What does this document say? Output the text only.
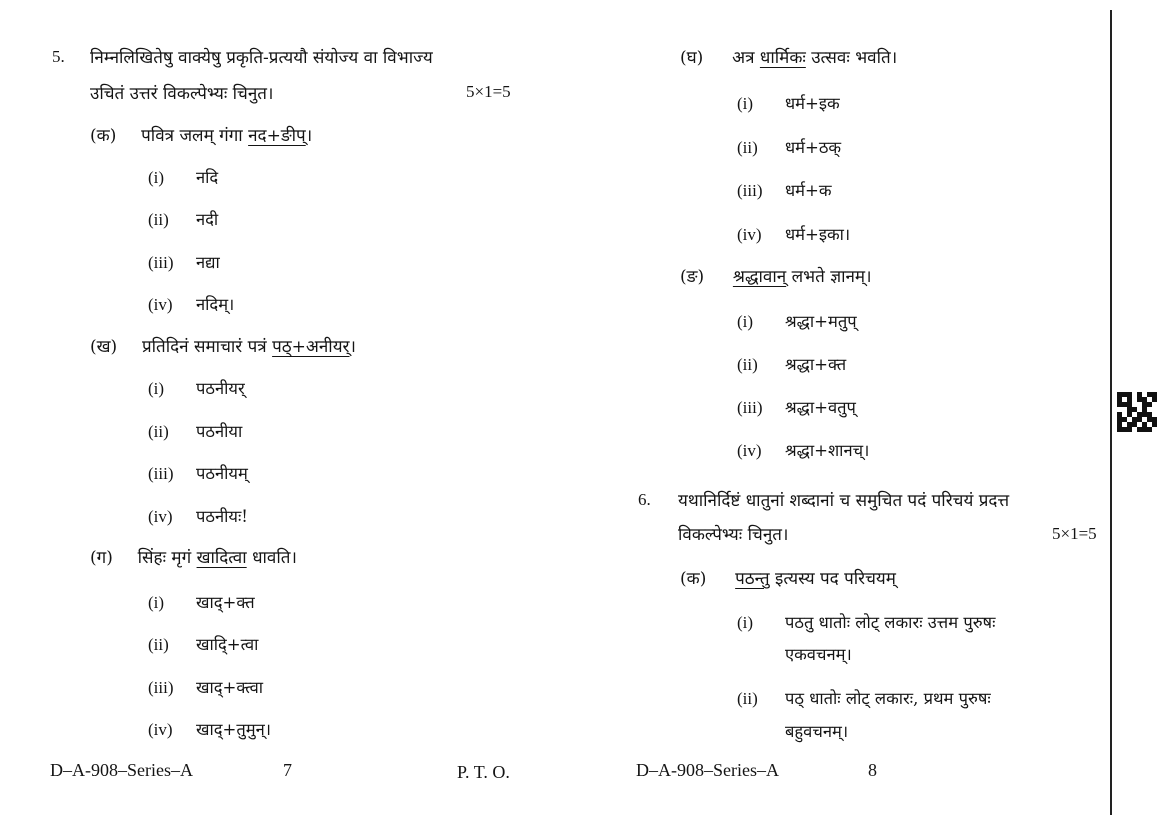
5. निम्नलिखितेषु वाक्येषु प्रकृति-प्रत्ययौ संयोज्य वा विभाज्य
उचितं उत्तरं विकल्पेभ्यः चिनुत।	5×1=5
(क) पवित्र जलम् गंगा नद+ङीप्।
(i) नदि
(ii) नदी
(iii) नद्या
(iv) नदिम्।
(ख) प्रतिदिनं समाचारं पत्रं पठ्+अनीयर्।
(i) पठनीयर्
(ii) पठनीया
(iii) पठनीयम्
(iv) पठनीयः!
(ग) सिंहः मृगं खादित्वा धावति।
(i) खाद्+क्त
(ii) खादि्+त्वा
(iii) खाद्+क्त्वा
(iv) खाद्+तुमुन्।
D–A-908–Series–A	7	P. T. O.
(घ) अत्र धार्मिकः उत्सवः भवति।
(i) धर्म+इक
(ii) धर्म+ठक्
(iii) धर्म+क
(iv) धर्म+इका।
(ङ) श्रद्धावान् लभते ज्ञानम्।
(i) श्रद्धा+मतुप्
(ii) श्रद्धा+क्त
(iii) श्रद्धा+वतुप्
(iv) श्रद्धा+शानच्।
6. यथानिर्दिष्टं धातुनां शब्दानां च समुचित पदं परिचयं प्रदत्त
विकल्पेभ्यः चिनुत।	5×1=5
(क) पठन्तु इत्यस्य पद परिचयम्
(i) पठतु धातोः लोट् लकारः उत्तम पुरुषः
एकवचनम्।
(ii) पठ् धातोः लोट् लकारः, प्रथम पुरुषः
बहुवचनम्।
D–A-908–Series–A	8
